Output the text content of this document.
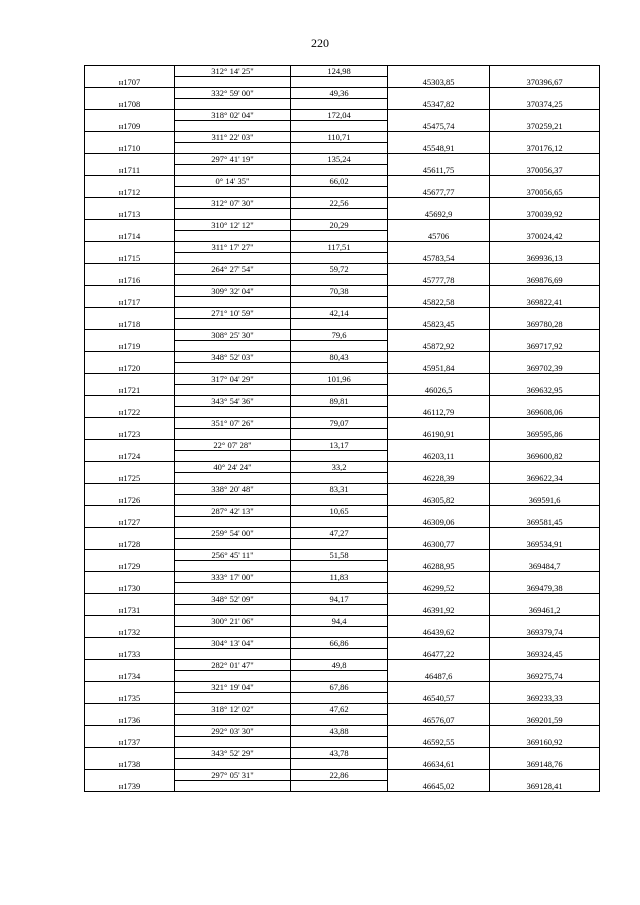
220
	312° 14' 25"	124,98		
н1707			45303,85	370396,67
	332° 59' 00"	49,36		
н1708			45347,82	370374,25
	318° 02' 04"	172,04		
н1709			45475,74	370259,21
	311° 22' 03"	110,71		
н1710			45548,91	370176,12
	297° 41' 19"	135,24		
н1711			45611,75	370056,37
	0° 14' 35"	66,02		
н1712			45677,77	370056,65
	312° 07' 30"	22,56		
н1713			45692,9	370039,92
	310° 12' 12"	20,29		
н1714			45706	370024,42
	311° 17' 27"	117,51		
н1715			45783,54	369936,13
	264° 27' 54"	59,72		
н1716			45777,78	369876,69
	309° 32' 04"	70,38		
н1717			45822,58	369822,41
	271° 10' 59"	42,14		
н1718			45823,45	369780,28
	308° 25' 30"	79,6		
н1719			45872,92	369717,92
	348° 52' 03"	80,43		
н1720			45951,84	369702,39
	317° 04' 29"	101,96		
н1721			46026,5	369632,95
	343° 54' 36"	89,81		
н1722			46112,79	369608,06
	351° 07' 26"	79,07		
н1723			46190,91	369595,86
	22° 07' 28"	13,17		
н1724			46203,11	369600,82
	40° 24' 24"	33,2		
н1725			46228,39	369622,34
	338° 20' 48"	83,31		
н1726			46305,82	369591,6
	287° 42' 13"	10,65		
н1727			46309,06	369581,45
	259° 54' 00"	47,27		
н1728			46300,77	369534,91
	256° 45' 11"	51,58		
н1729			46288,95	369484,7
	333° 17' 00"	11,83		
н1730			46299,52	369479,38
	348° 52' 09"	94,17		
н1731			46391,92	369461,2
	300° 21' 06"	94,4		
н1732			46439,62	369379,74
	304° 13' 04"	66,86		
н1733			46477,22	369324,45
	282° 01' 47"	49,8		
н1734			46487,6	369275,74
	321° 19' 04"	67,86		
н1735			46540,57	369233,33
	318° 12' 02"	47,62		
н1736			46576,07	369201,59
	292° 03' 30"	43,88		
н1737			46592,55	369160,92
	343° 52' 29"	43,78		
н1738			46634,61	369148,76
	297° 05' 31"	22,86		
н1739			46645,02	369128,41
